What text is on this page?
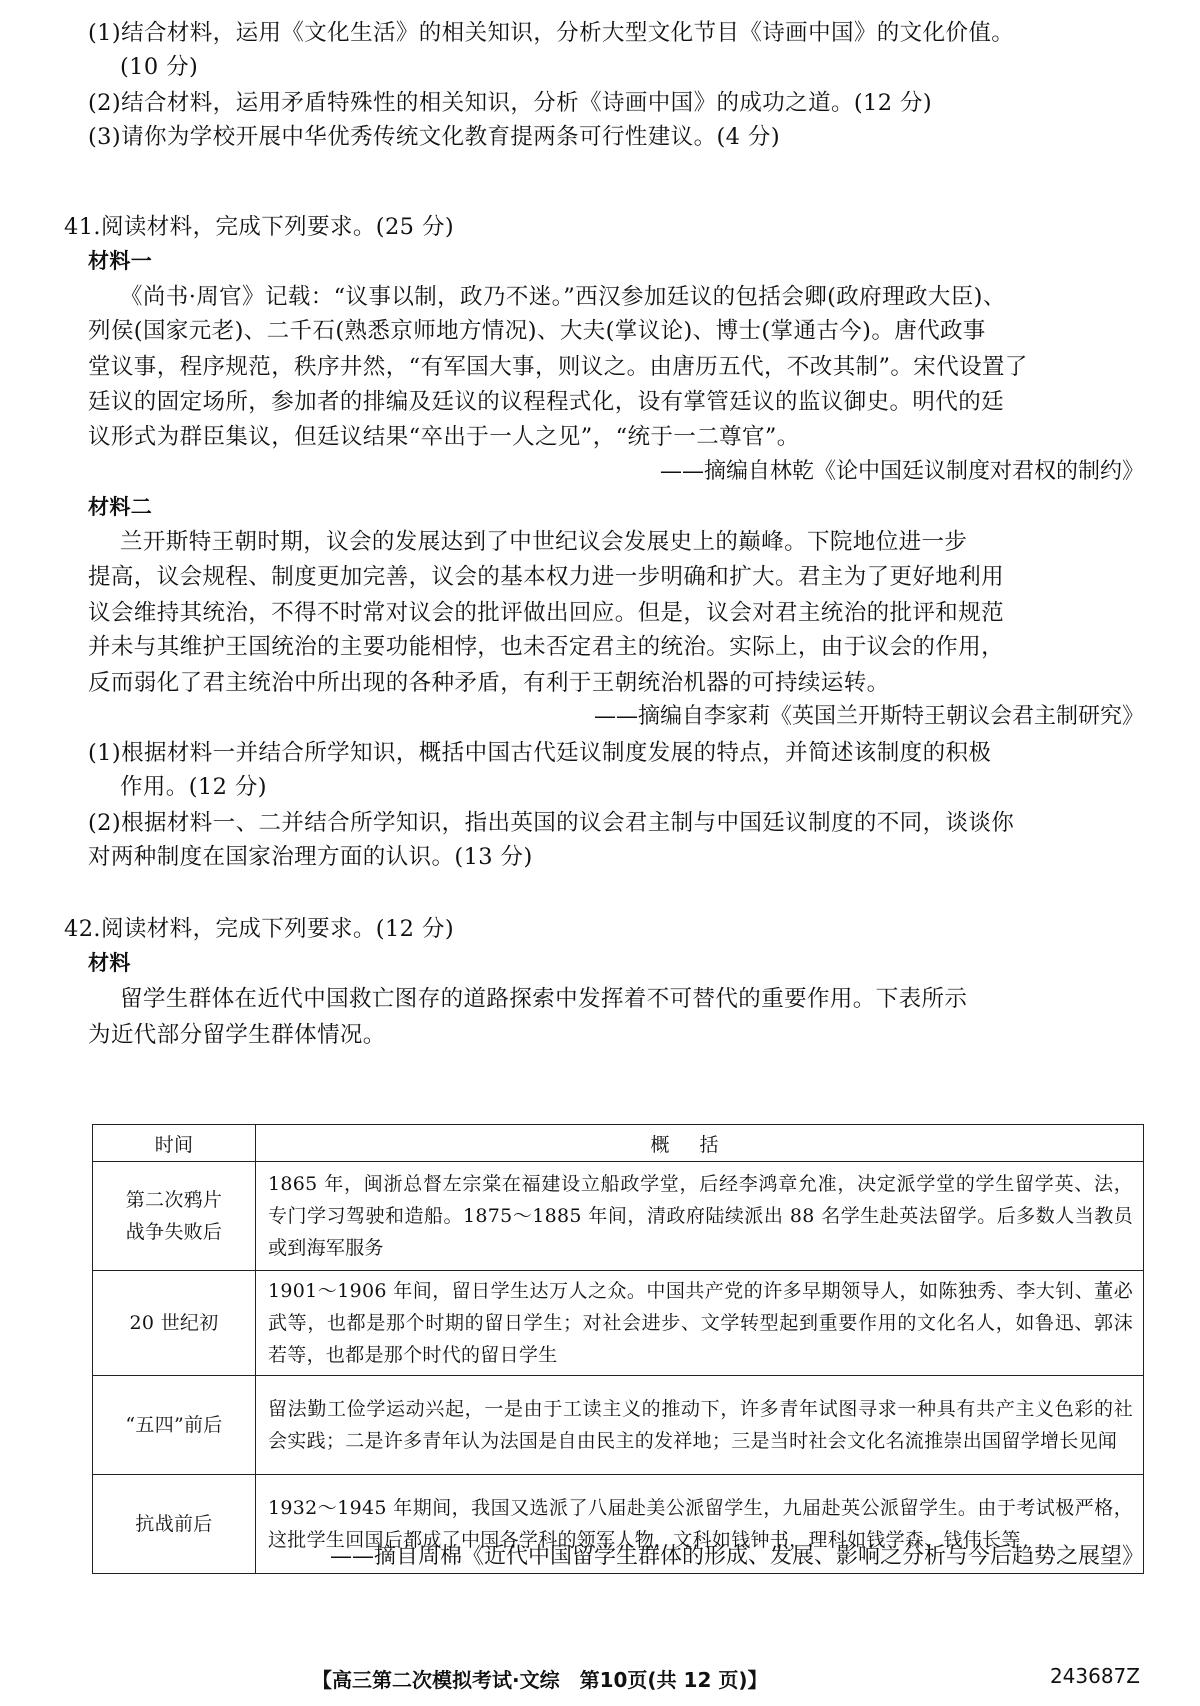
(1)结合材料，运用《文化生活》的相关知识，分析大型文化节目《诗画中国》的文化价值。
(10 分)
(2)结合材料，运用矛盾特殊性的相关知识，分析《诗画中国》的成功之道。(12 分)
(3)请你为学校开展中华优秀传统文化教育提两条可行性建议。(4 分)
41.阅读材料，完成下列要求。(25 分)
材料一
《尚书·周官》记载：“议事以制，政乃不迷。”西汉参加廷议的包括会卿(政府理政大臣)、
列侯(国家元老)、二千石(熟悉京师地方情况)、大夫(掌议论)、博士(掌通古今)。唐代政事
堂议事，程序规范，秩序井然，“有军国大事，则议之。由唐历五代，不改其制”。宋代设置了
廷议的固定场所，参加者的排编及廷议的议程程式化，设有掌管廷议的监议御史。明代的廷
议形式为群臣集议，但廷议结果“卒出于一人之见”，“统于一二尊官”。
——摘编自林乾《论中国廷议制度对君权的制约》
材料二
兰开斯特王朝时期，议会的发展达到了中世纪议会发展史上的巅峰。下院地位进一步
提高，议会规程、制度更加完善，议会的基本权力进一步明确和扩大。君主为了更好地利用
议会维持其统治，不得不时常对议会的批评做出回应。但是，议会对君主统治的批评和规范
并未与其维护王国统治的主要功能相悖，也未否定君主的统治。实际上，由于议会的作用，
反而弱化了君主统治中所出现的各种矛盾，有利于王朝统治机器的可持续运转。
——摘编自李家莉《英国兰开斯特王朝议会君主制研究》
(1)根据材料一并结合所学知识，概括中国古代廷议制度发展的特点，并简述该制度的积极
作用。(12 分)
(2)根据材料一、二并结合所学知识，指出英国的议会君主制与中国廷议制度的不同，谈谈你
对两种制度在国家治理方面的认识。(13 分)
42.阅读材料，完成下列要求。(12 分)
材料
留学生群体在近代中国救亡图存的道路探索中发挥着不可替代的重要作用。下表所示
为近代部分留学生群体情况。
时间	概括

第二次鸦片
战争失败后	1865 年，闽浙总督左宗棠在福建设立船政学堂，后经李鸿章允准，决定派学堂的学生留学英、法，专门学习驾驶和造船。1875～1885 年间，清政府陆续派出 88 名学生赴英法留学。后多数人当教员或到海军服务
20 世纪初	1901～1906 年间，留日学生达万人之众。中国共产党的许多早期领导人，如陈独秀、李大钊、董必武等，也都是那个时期的留日学生；对社会进步、文学转型起到重要作用的文化名人，如鲁迅、郭沫若等，也都是那个时代的留日学生
“五四”前后	留法勤工俭学运动兴起，一是由于工读主义的推动下，许多青年试图寻求一种具有共产主义色彩的社会实践；二是许多青年认为法国是自由民主的发祥地；三是当时社会文化名流推崇出国留学增长见闻
抗战前后	1932～1945 年期间，我国又选派了八届赴美公派留学生，九届赴英公派留学生。由于考试极严格，这批学生回国后都成了中国各学科的领军人物，文科如钱钟书，理科如钱学森、钱伟长等
——摘自周棉《近代中国留学生群体的形成、发展、影响之分析与今后趋势之展望》
【高三第二次模拟考试·文综　第10页(共 12 页)】	243687Z
